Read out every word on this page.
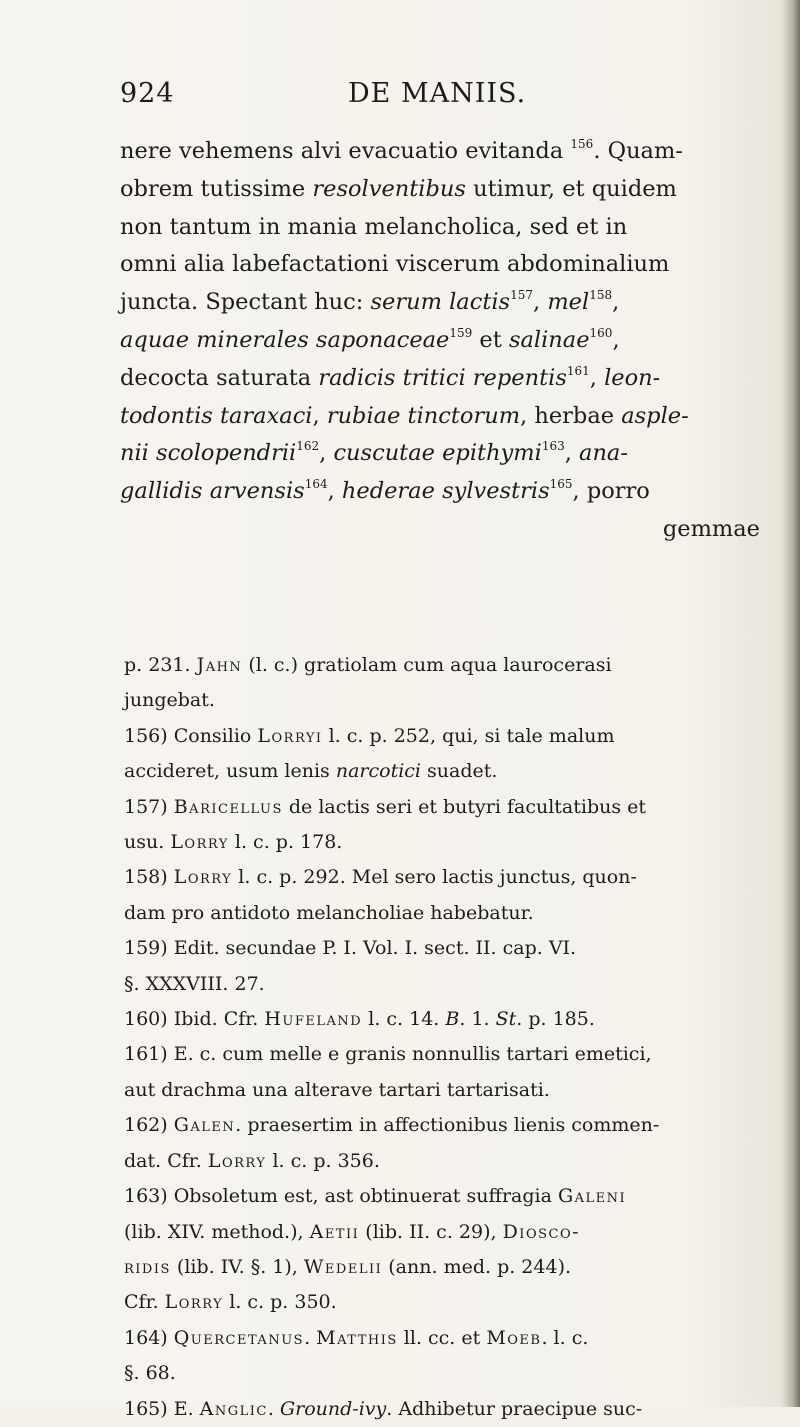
924	DE MANIIS.

nere vehemens alvi evacuatio evitanda $^{156}$. Quam-

obrem tutissime resolventibus utimur, et quidem

non tantum in mania melancholica, sed et in

omni alia labefactationi viscerum abdominalium

juncta. Spectant huc: serum lactis$^{157}$, mel$^{158}$,

aquae minerales saponaceae$^{159}$ et salinae$^{160}$,

decocta saturata radicis tritici repentis$^{161}$, leon-

todontis taraxaci, rubiae tinctorum, herbae asple-

nii scolopendrii$^{162}$, cuscutae epithymi$^{163}$, ana-

gallidis arvensis$^{164}$, hederae sylvestris$^{165}$, porro

gemmae

p. 231. Jahn (l. c.) gratiolam cum aqua laurocerasi

jungebat.

156) Consilio Lorryi l. c. p. 252, qui, si tale malum

accideret, usum lenis narcotici suadet.

157) Baricellus de lactis seri et butyri facultatibus et

usu. Lorry l. c. p. 178.

158) Lorry l. c. p. 292. Mel sero lactis junctus, quon-

dam pro antidoto melancholiae habebatur.

159) Edit. secundae P. I. Vol. I. sect. II. cap. VI.

§. XXXVIII. 27.

160) Ibid. Cfr. Hufeland l. c. 14. B. 1. St. p. 185.

161) E. c. cum melle e granis nonnullis tartari emetici,

aut drachma una alterave tartari tartarisati.

162) Galen. praesertim in affectionibus lienis commen-

dat. Cfr. Lorry l. c. p. 356.

163) Obsoletum est, ast obtinuerat suffragia Galeni

(lib. XIV. method.), Aetii (lib. II. c. 29), Diosco-

ridis (lib. IV. §. 1), Wedelii (ann. med. p. 244).

Cfr. Lorry l. c. p. 350.

164) Quercetanus. Matthis ll. cc. et Moeb. l. c.

§. 68.

165) E. Anglic. Ground-ivy. Adhibetur praecipue suc-
